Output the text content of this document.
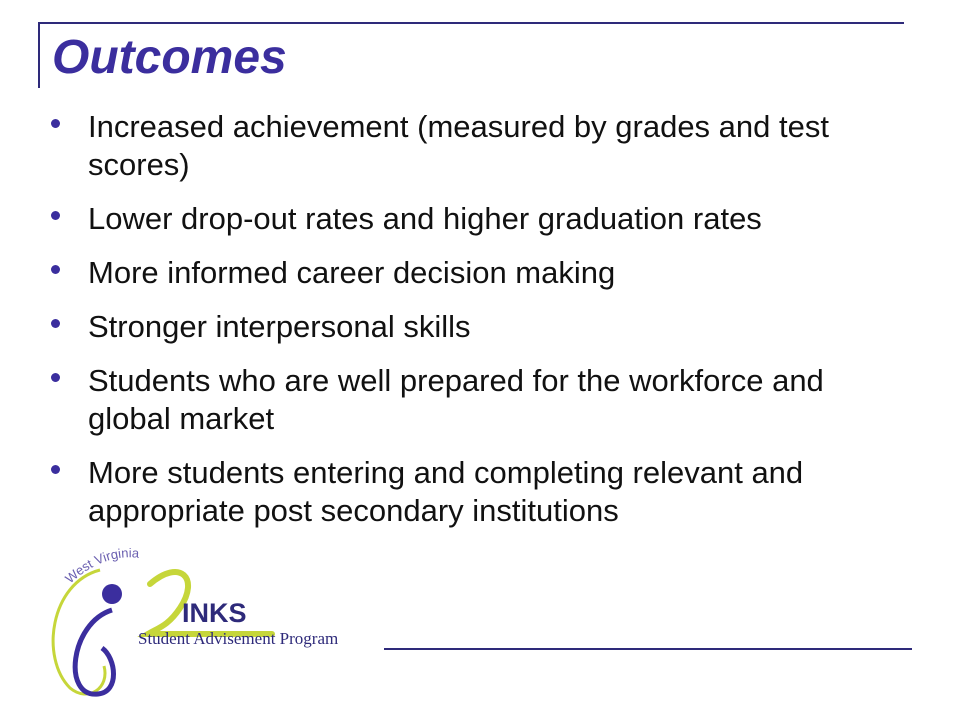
Outcomes
Increased achievement (measured by grades and test scores)
Lower drop-out rates and higher graduation rates
More informed career decision making
Stronger interpersonal skills
Students who are well prepared for the workforce and global market
More students entering and completing relevant and appropriate post secondary institutions
West Virginia
INKS
Student Advisement Program
